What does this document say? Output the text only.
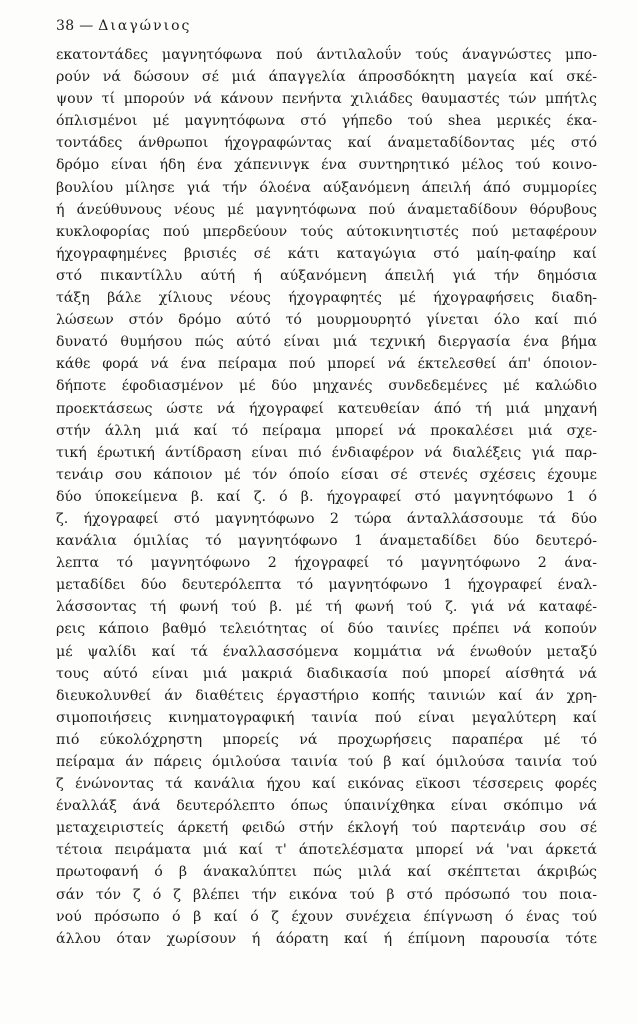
38 — Διαγώνιος
εκατοντάδες μαγνητόφωνα πού άντιλαλοΰν τούς άναγνώστες μπο-
ρούν νά δώσουν σέ μιά άπαγγελία άπροσδόκητη μαγεία καί σκέ-
ψουν τί μπορούν νά κάνουν πενήντα χιλιάδες θαυμαστές τών μπήτλς
όπλισμένοι μέ μαγνητόφωνα στό γήπεδο τού shea μερικές έκα-
τοντάδες άνθρωποι ήχογραφώντας καί άναμεταδίδοντας μές στό
δρόμο είναι ήδη ένα χάπενινγκ ένα συντηρητικό μέλος τού κοινο-
βουλίου μίλησε γιά τήν όλοένα αύξανόμενη άπειλή άπό συμμορίες
ή άνεύθυνους νέους μέ μαγνητόφωνα πού άναμεταδίδουν θόρυβους
κυκλοφορίας πού μπερδεύουν τούς αύτοκινητιστές πού μεταφέρουν
ήχογραφημένες βρισιές σέ κάτι καταγώγια στό μαίη-φαίηρ καί
στό πικαντίλλυ αύτή ή αύξανόμενη άπειλή γιά τήν δημόσια
τάξη βάλε χίλιους νέους ήχογραφητές μέ ήχογραφήσεις διαδη-
λώσεων στόν δρόμο αύτό τό μουρμουρητό γίνεται όλο καί πιό
δυνατό θυμήσου πώς αύτό είναι μιά τεχνική διεργασία ένα βήμα
κάθε φορά νά ένα πείραμα πού μπορεί νά έκτελεσθεί άπ' όποιον-
δήποτε έφοδιασμένον μέ δύο μηχανές συνδεδεμένες μέ καλώδιο
προεκτάσεως ώστε νά ήχογραφεί κατευθείαν άπό τή μιά μηχανή
στήν άλλη μιά καί τό πείραμα μπορεί νά προκαλέσει μιά σχε-
τική έρωτική άντίδραση είναι πιό ένδιαφέρον νά διαλέξεις γιά παρ-
τενάιρ σου κάποιον μέ τόν όποίο είσαι σέ στενές σχέσεις έχουμε
δύο ύποκείμενα β. καί ζ. ό β. ήχογραφεί στό μαγνητόφωνο 1 ό
ζ. ήχογραφεί στό μαγνητόφωνο 2 τώρα άνταλλάσσουμε τά δύο
κανάλια όμιλίας τό μαγνητόφωνο 1 άναμεταδίδει δύο δευτερό-
λεπτα τό μαγνητόφωνο 2 ήχογραφεί τό μαγνητόφωνο 2 άνα-
μεταδίδει δύο δευτερόλεπτα τό μαγνητόφωνο 1 ήχογραφεί έναλ-
λάσσοντας τή φωνή τού β. μέ τή φωνή τού ζ. γιά νά καταφέ-
ρεις κάποιο βαθμό τελειότητας οί δύο ταινίες πρέπει νά κοπούν
μέ ψαλίδι καί τά έναλλασσόμενα κομμάτια νά ένωθούν μεταξύ
τους αύτό είναι μιά μακριά διαδικασία πού μπορεί αίσθητά νά
διευκολυνθεί άν διαθέτεις έργαστήριο κοπής ταινιών καί άν χρη-
σιμοποιήσεις κινηματογραφική ταινία πού είναι μεγαλύτερη καί
πιό εύκολόχρηστη μπορείς νά προχωρήσεις παραπέρα μέ τό
πείραμα άν πάρεις όμιλούσα ταινία τού β καί όμιλούσα ταινία τού
ζ ένώνοντας τά κανάλια ήχου καί εικόνας εϊκοσι τέσσερεις φορές
έναλλάξ άνά δευτερόλεπτο όπως ύπαινίχθηκα είναι σκόπιμο νά
μεταχειριστείς άρκετή φειδώ στήν έκλογή τού παρτενάιρ σου σέ
τέτοια πειράματα μιά καί τ' άποτελέσματα μπορεί νά 'ναι άρκετά
πρωτοφανή ό β άνακαλύπτει πώς μιλά καί σκέπτεται άκριβώς
σάν τόν ζ ό ζ βλέπει τήν εικόνα τού β στό πρόσωπό του ποια-
νού πρόσωπο ό β καί ό ζ έχουν συνέχεια έπίγνωση ό ένας τού
άλλου όταν χωρίσουν ή άόρατη καί ή έπίμονη παρουσία τότε
